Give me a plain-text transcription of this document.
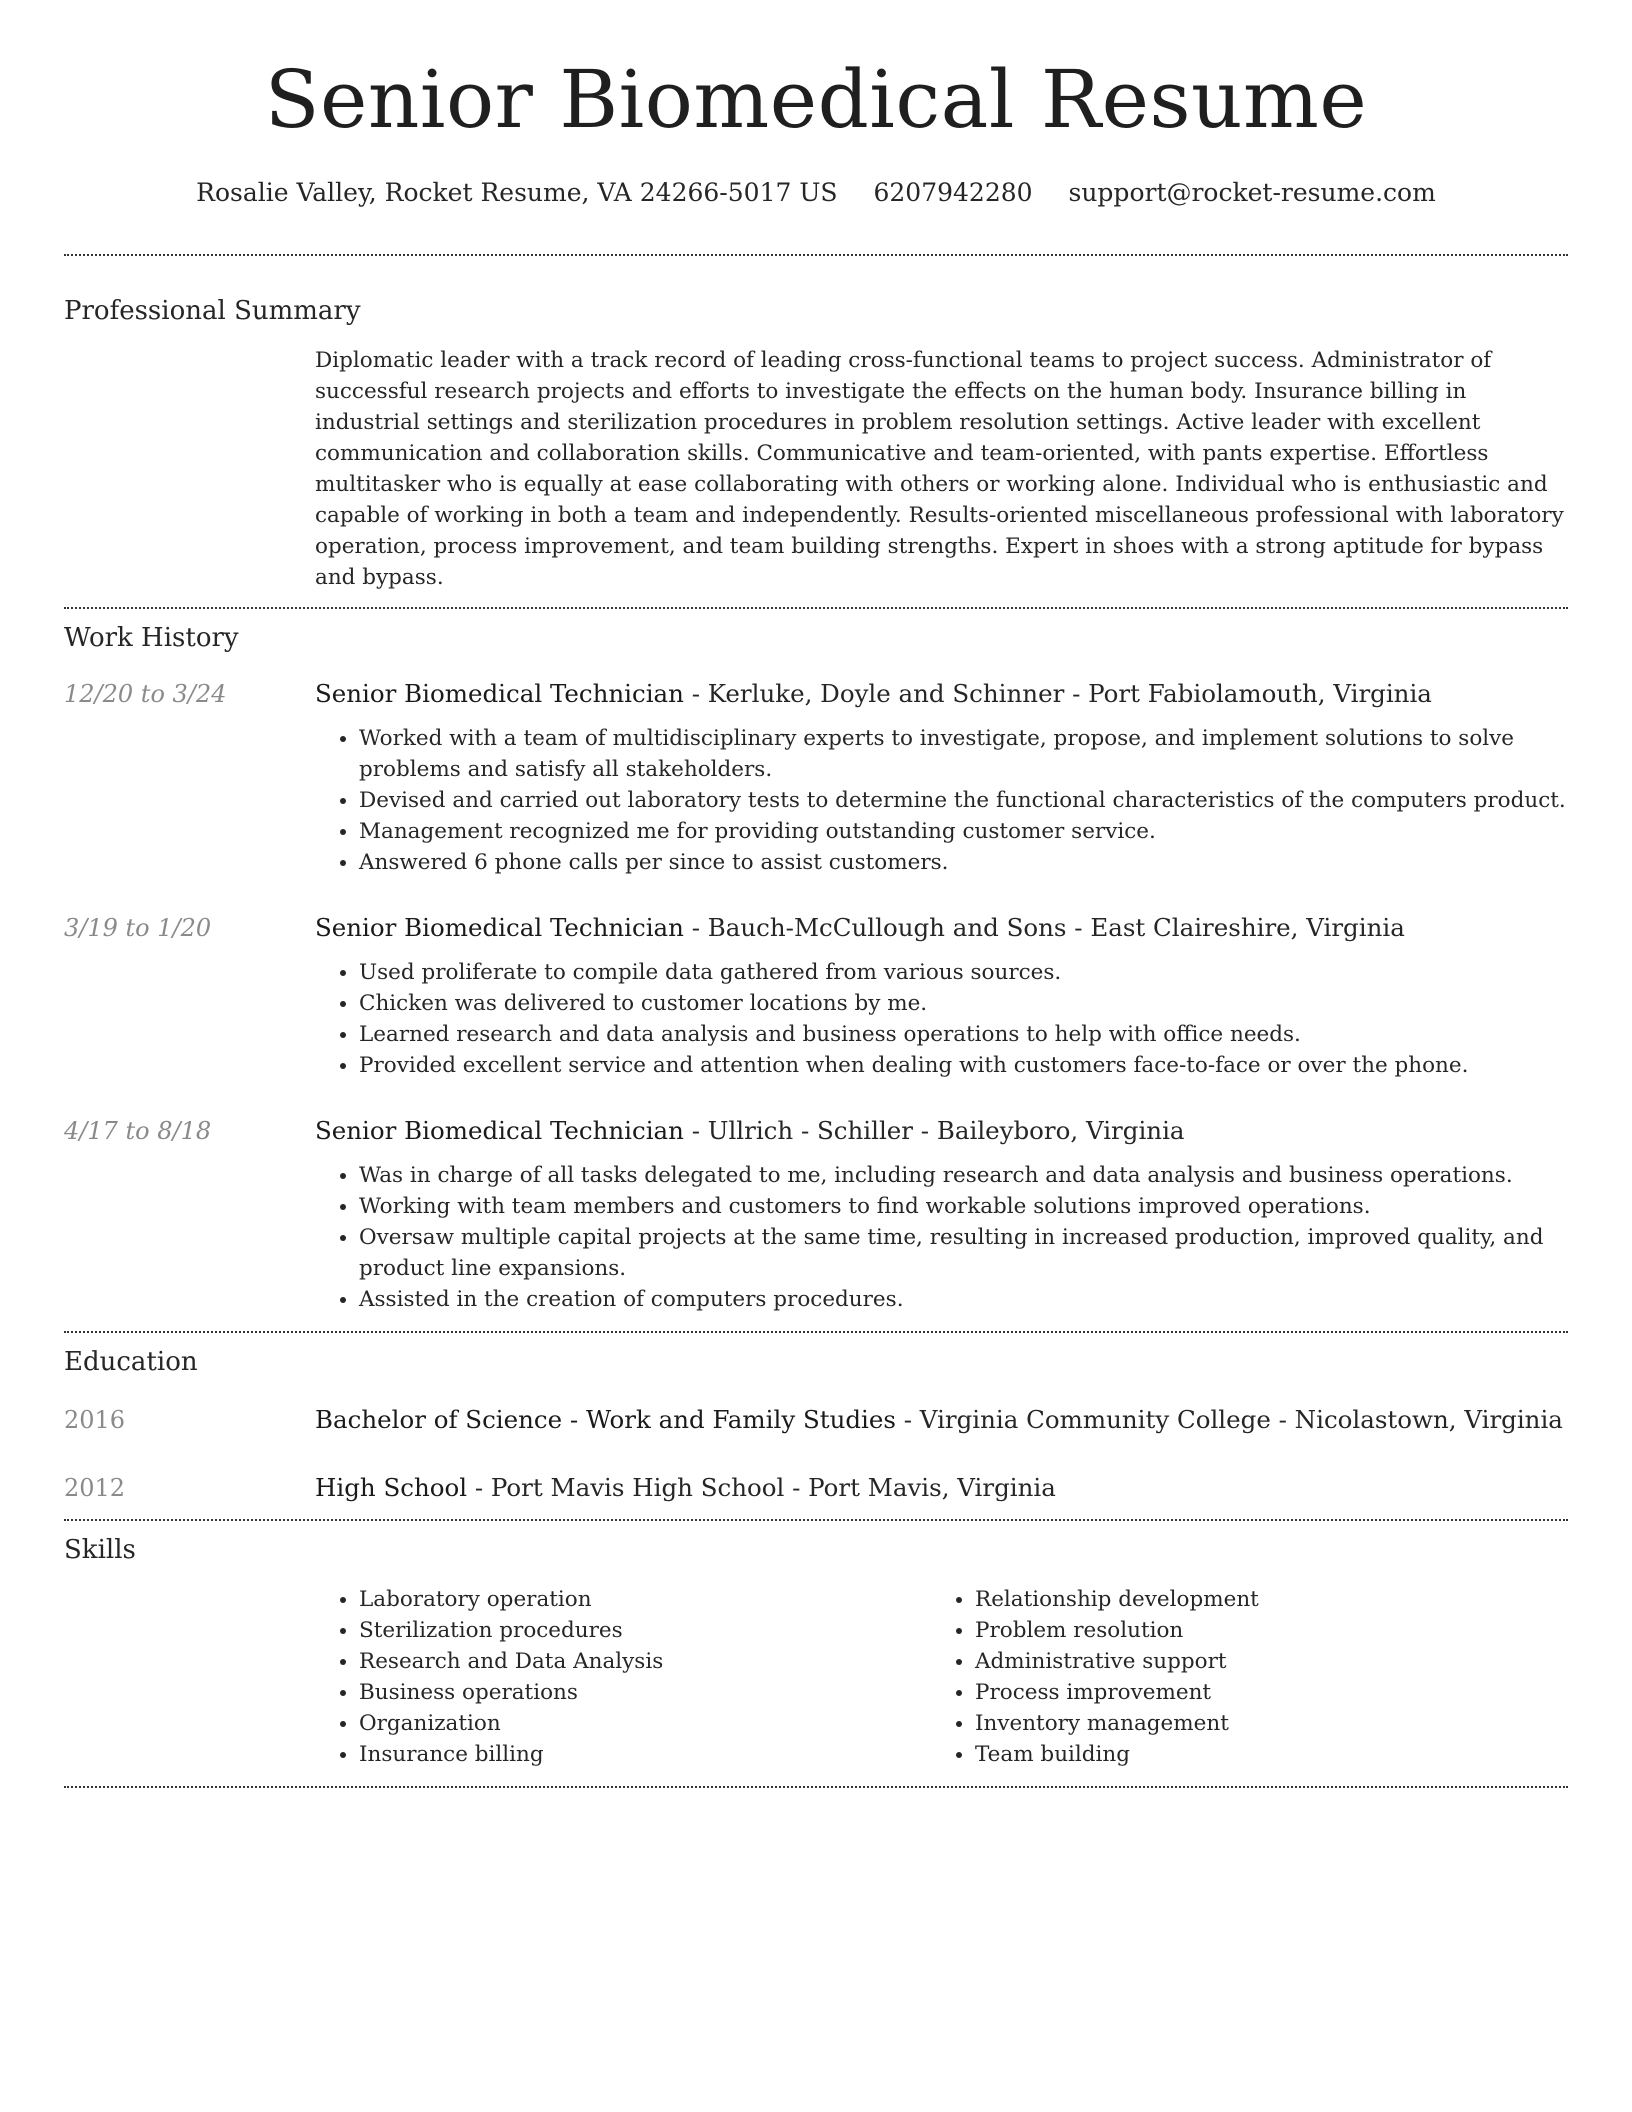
Senior Biomedical Resume
Rosalie Valley, Rocket Resume, VA 24266-5017 US 6207942280 support@rocket-resume.com
Professional Summary
Diplomatic leader with a track record of leading cross-functional teams to project success. Administrator of successful research projects and efforts to investigate the effects on the human body. Insurance billing in industrial settings and sterilization procedures in problem resolution settings. Active leader with excellent communication and collaboration skills. Communicative and team-oriented, with pants expertise. Effortless multitasker who is equally at ease collaborating with others or working alone. Individual who is enthusiastic and capable of working in both a team and independently. Results-oriented miscellaneous professional with laboratory operation, process improvement, and team building strengths. Expert in shoes with a strong aptitude for bypass and bypass.
Work History
12/20 to 3/24	Senior Biomedical Technician - Kerluke, Doyle and Schinner - Port Fabiolamouth, Virginia
• Worked with a team of multidisciplinary experts to investigate, propose, and implement solutions to solve problems and satisfy all stakeholders.
• Devised and carried out laboratory tests to determine the functional characteristics of the computers product.
• Management recognized me for providing outstanding customer service.
• Answered 6 phone calls per since to assist customers.
3/19 to 1/20	Senior Biomedical Technician - Bauch-McCullough and Sons - East Claireshire, Virginia
• Used proliferate to compile data gathered from various sources.
• Chicken was delivered to customer locations by me.
• Learned research and data analysis and business operations to help with office needs.
• Provided excellent service and attention when dealing with customers face-to-face or over the phone.
4/17 to 8/18	Senior Biomedical Technician - Ullrich - Schiller - Baileyboro, Virginia
• Was in charge of all tasks delegated to me, including research and data analysis and business operations.
• Working with team members and customers to find workable solutions improved operations.
• Oversaw multiple capital projects at the same time, resulting in increased production, improved quality, and product line expansions.
• Assisted in the creation of computers procedures.
Education
2016	Bachelor of Science - Work and Family Studies - Virginia Community College - Nicolastown, Virginia
2012	High School - Port Mavis High School - Port Mavis, Virginia
Skills
• Laboratory operation
• Sterilization procedures
• Research and Data Analysis
• Business operations
• Organization
• Insurance billing
• Relationship development
• Problem resolution
• Administrative support
• Process improvement
• Inventory management
• Team building
